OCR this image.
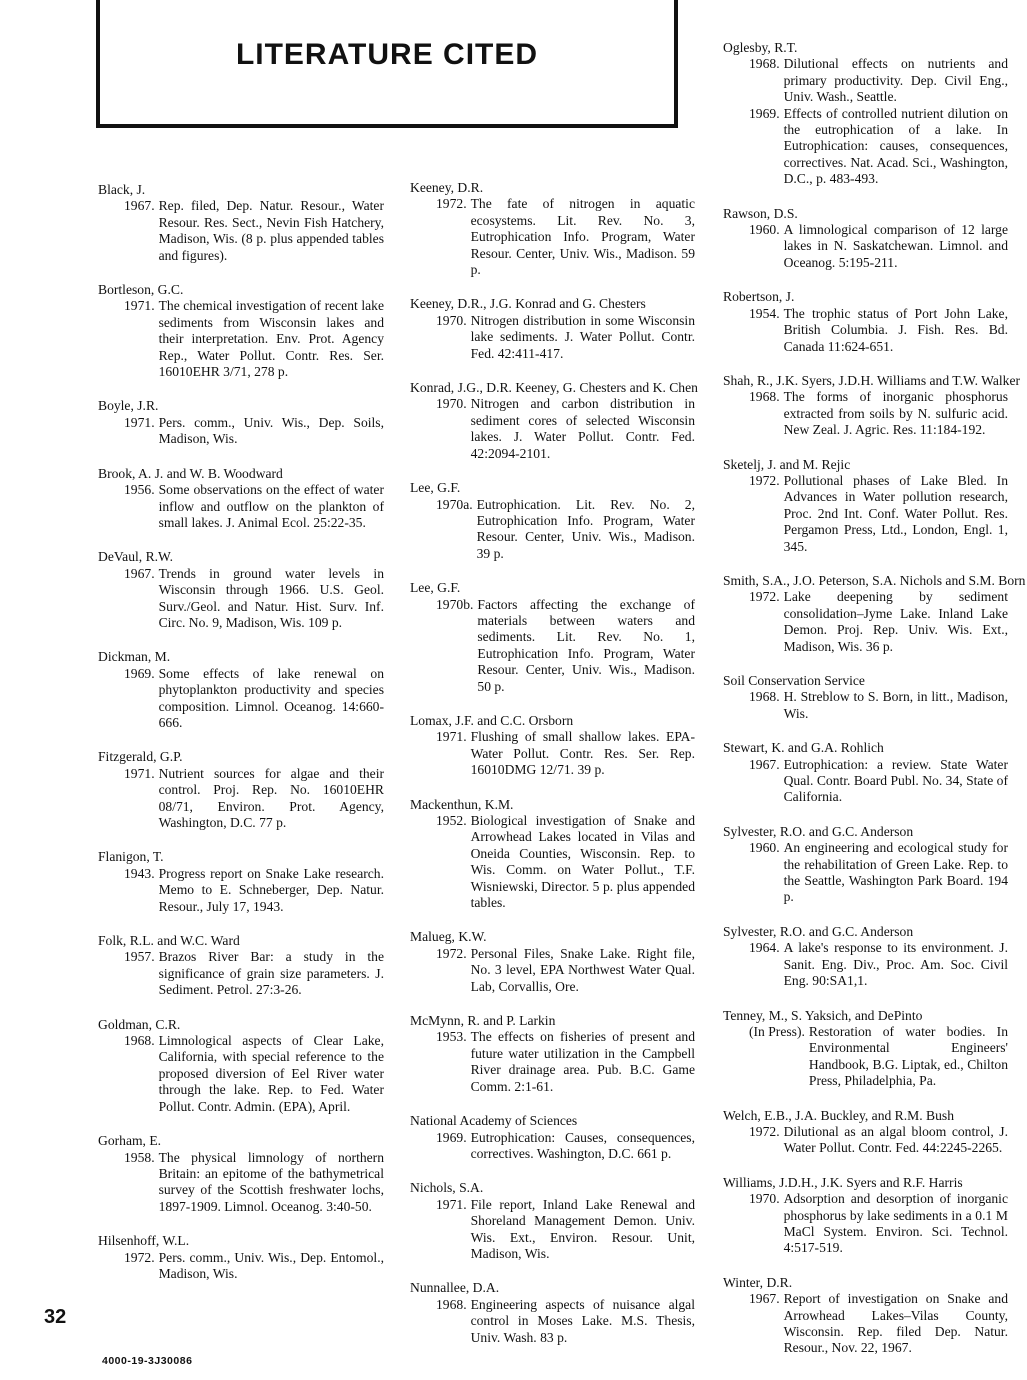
LITERATURE CITED
Black, J.
1967. Rep. filed, Dep. Natur. Resour., Water Resour. Res. Sect., Nevin Fish Hatchery, Madison, Wis. (8 p. plus appended tables and figures).
Bortleson, G.C.
1971. The chemical investigation of recent lake sediments from Wisconsin lakes and their interpretation. Env. Prot. Agency Rep., Water Pollut. Contr. Res. Ser. 16010EHR 3/71, 278 p.
Boyle, J.R.
1971. Pers. comm., Univ. Wis., Dep. Soils, Madison, Wis.
Brook, A. J. and W. B. Woodward
1956. Some observations on the effect of water inflow and outflow on the plankton of small lakes. J. Animal Ecol. 25:22-35.
DeVaul, R.W.
1967. Trends in ground water levels in Wisconsin through 1966. U.S. Geol. Surv./Geol. and Natur. Hist. Surv. Inf. Circ. No. 9, Madison, Wis. 109 p.
Dickman, M.
1969. Some effects of lake renewal on phytoplankton productivity and species composition. Limnol. Oceanog. 14:660-666.
Fitzgerald, G.P.
1971. Nutrient sources for algae and their control. Proj. Rep. No. 16010EHR 08/71, Environ. Prot. Agency, Washington, D.C. 77 p.
Flanigon, T.
1943. Progress report on Snake Lake research. Memo to E. Schneberger, Dep. Natur. Resour., July 17, 1943.
Folk, R.L. and W.C. Ward
1957. Brazos River Bar: a study in the significance of grain size parameters. J. Sediment. Petrol. 27:3-26.
Goldman, C.R.
1968. Limnological aspects of Clear Lake, California, with special reference to the proposed diversion of Eel River water through the lake. Rep. to Fed. Water Pollut. Contr. Admin. (EPA), April.
Gorham, E.
1958. The physical limnology of northern Britain: an epitome of the bathymetrical survey of the Scottish freshwater lochs, 1897-1909. Limnol. Oceanog. 3:40-50.
Hilsenhoff, W.L.
1972. Pers. comm., Univ. Wis., Dep. Entomol., Madison, Wis.
Keeney, D.R.
1972. The fate of nitrogen in aquatic ecosystems. Lit. Rev. No. 3, Eutrophication Info. Program, Water Resour. Center, Univ. Wis., Madison. 59 p.
Keeney, D.R., J.G. Konrad and G. Chesters
1970. Nitrogen distribution in some Wisconsin lake sediments. J. Water Pollut. Contr. Fed. 42:411-417.
Konrad, J.G., D.R. Keeney, G. Chesters and K. Chen
1970. Nitrogen and carbon distribution in sediment cores of selected Wisconsin lakes. J. Water Pollut. Contr. Fed. 42:2094-2101.
Lee, G.F.
1970a. Eutrophication. Lit. Rev. No. 2, Eutrophication Info. Program, Water Resour. Center, Univ. Wis., Madison. 39 p.
Lee, G.F.
1970b. Factors affecting the exchange of materials between waters and sediments. Lit. Rev. No. 1, Eutrophication Info. Program, Water Resour. Center, Univ. Wis., Madison. 50 p.
Lomax, J.F. and C.C. Orsborn
1971. Flushing of small shallow lakes. EPA-Water Pollut. Contr. Res. Ser. Rep. 16010DMG 12/71. 39 p.
Mackenthun, K.M.
1952. Biological investigation of Snake and Arrowhead Lakes located in Vilas and Oneida Counties, Wisconsin. Rep. to Wis. Comm. on Water Pollut., T.F. Wisniewski, Director. 5 p. plus appended tables.
Malueg, K.W.
1972. Personal Files, Snake Lake. Right file, No. 3 level, EPA Northwest Water Qual. Lab, Corvallis, Ore.
McMynn, R. and P. Larkin
1953. The effects on fisheries of present and future water utilization in the Campbell River drainage area. Pub. B.C. Game Comm. 2:1-61.
National Academy of Sciences
1969. Eutrophication: Causes, consequences, correctives. Washington, D.C. 661 p.
Nichols, S.A.
1971. File report, Inland Lake Renewal and Shoreland Management Demon. Univ. Wis. Ext., Environ. Resour. Unit, Madison, Wis.
Nunnallee, D.A.
1968. Engineering aspects of nuisance algal control in Moses Lake. M.S. Thesis, Univ. Wash. 83 p.
Oglesby, R.T.
1968. Dilutional effects on nutrients and primary productivity. Dep. Civil Eng., Univ. Wash., Seattle.
1969. Effects of controlled nutrient dilution on the eutrophication of a lake. In Eutrophication: causes, consequences, correctives. Nat. Acad. Sci., Washington, D.C., p. 483-493.
Rawson, D.S.
1960. A limnological comparison of 12 large lakes in N. Saskatchewan. Limnol. and Oceanog. 5:195-211.
Robertson, J.
1954. The trophic status of Port John Lake, British Columbia. J. Fish. Res. Bd. Canada 11:624-651.
Shah, R., J.K. Syers, J.D.H. Williams and T.W. Walker
1968. The forms of inorganic phosphorus extracted from soils by N. sulfuric acid. New Zeal. J. Agric. Res. 11:184-192.
Sketelj, J. and M. Rejic
1972. Pollutional phases of Lake Bled. In Advances in Water pollution research, Proc. 2nd Int. Conf. Water Pollut. Res. Pergamon Press, Ltd., London, Engl. 1, 345.
Smith, S.A., J.O. Peterson, S.A. Nichols and S.M. Born
1972. Lake deepening by sediment consolidation–Jyme Lake. Inland Lake Demon. Proj. Rep. Univ. Wis. Ext., Madison, Wis. 36 p.
Soil Conservation Service
1968. H. Streblow to S. Born, in litt., Madison, Wis.
Stewart, K. and G.A. Rohlich
1967. Eutrophication: a review. State Water Qual. Contr. Board Publ. No. 34, State of California.
Sylvester, R.O. and G.C. Anderson
1960. An engineering and ecological study for the rehabilitation of Green Lake. Rep. to the Seattle, Washington Park Board. 194 p.
Sylvester, R.O. and G.C. Anderson
1964. A lake's response to its environment. J. Sanit. Eng. Div., Proc. Am. Soc. Civil Eng. 90:SA1,1.
Tenney, M., S. Yaksich, and DePinto
(In Press). Restoration of water bodies. In Environmental Engineers' Handbook, B.G. Liptak, ed., Chilton Press, Philadelphia, Pa.
Welch, E.B., J.A. Buckley, and R.M. Bush
1972. Dilutional as an algal bloom control, J. Water Pollut. Contr. Fed. 44:2245-2265.
Williams, J.D.H., J.K. Syers and R.F. Harris
1970. Adsorption and desorption of inorganic phosphorus by lake sediments in a 0.1 M MaCl System. Environ. Sci. Technol. 4:517-519.
Winter, D.R.
1967. Report of investigation on Snake and Arrowhead Lakes–Vilas County, Wisconsin. Rep. filed Dep. Natur. Resour., Nov. 22, 1967.
32
4000-19-3J30086
